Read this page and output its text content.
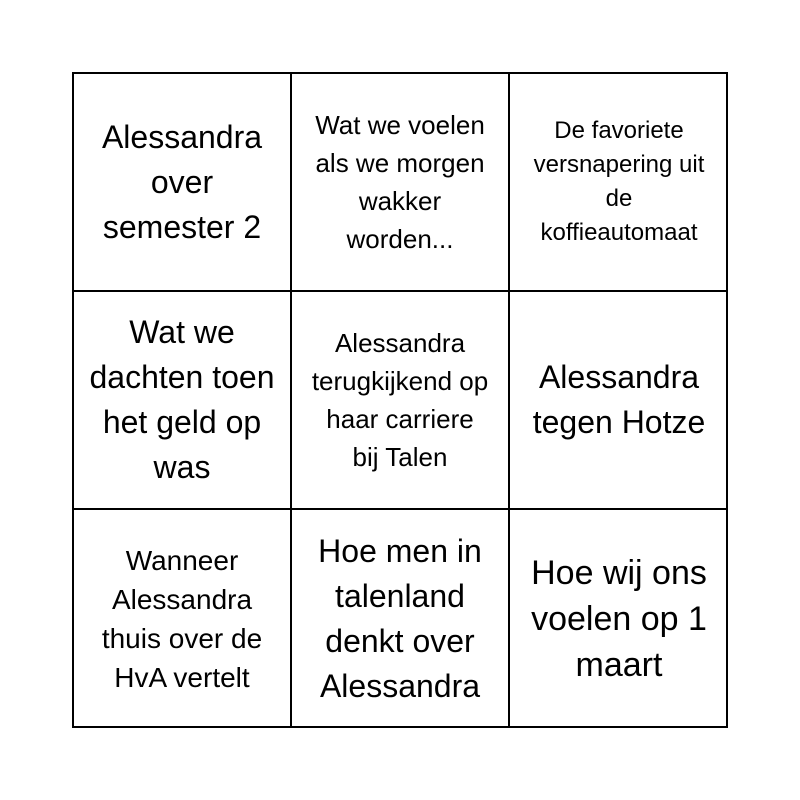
Alessandra over semester 2
Wat we voelen als we morgen wakker worden...
De favoriete versnapering uit de koffieautomaat
Wat we dachten toen het geld op was
Alessandra terugkijkend op haar carriere bij Talen
Alessandra tegen Hotze
Wanneer Alessandra thuis over de HvA vertelt
Hoe men in talenland denkt over Alessandra
Hoe wij ons voelen op 1 maart
